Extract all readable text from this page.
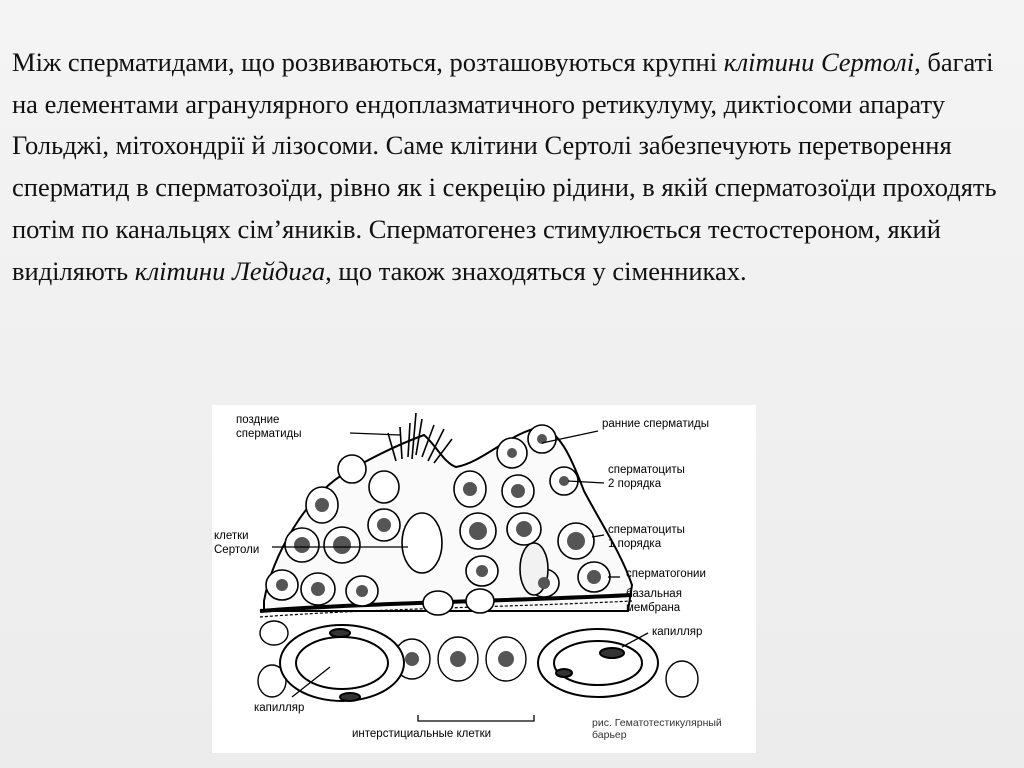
Між сперматидами, що розвиваються, розташовуються крупні клітини Сертолі, багаті на елементами агранулярного ендоплазматичного ретикулуму, диктіосоми апарату Гольджі, мітохондрії й лізосоми. Саме клітини Сертолі забезпечують перетворення сперматид в сперматозоїди, рівно як і секрецію рідини, в якій сперматозоїди проходять потім по канальцях сім’яників. Сперматогенез стимулюється тестостероном, який виділяють клітини Лейдига, що також знаходяться у сіменниках.

поздние
сперматиды
клетки
Сертоли
ранние сперматиды
сперматоциты
2 порядка
сперматоциты
1 порядка
сперматогонии
базальная
мембрана
капилляр
капилляр
интерстициальные клетки
рис. Гематотестикулярный
барьер
